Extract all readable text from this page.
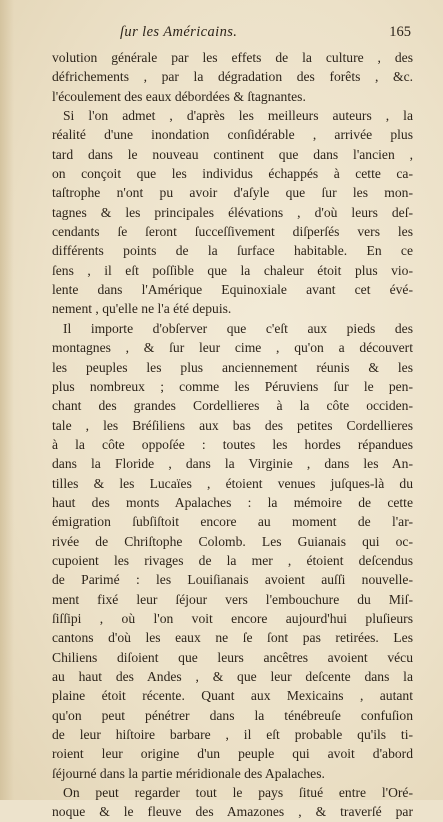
ſur les Américains.	165
volution générale par les effets de la culture , des
défrichements , par la dégradation des forêts , &c.
l'écoulement des eaux débordées & ſtagnantes.
Si l'on admet , d'après les meilleurs auteurs , la
réalité d'une inondation conſidérable , arrivée plus
tard dans le nouveau continent que dans l'ancien ,
on conçoit que les individus échappés à cette ca-
taſtrophe n'ont pu avoir d'aſyle que ſur les mon-
tagnes & les principales élévations , d'où leurs deſ-
cendants ſe ſeront ſucceſſivement diſperſés vers les
différents points de la ſurface habitable. En ce
ſens , il eſt poſſible que la chaleur étoit plus vio-
lente dans l'Amérique Equinoxiale avant cet évé-
nement , qu'elle ne l'a été depuis.
Il importe d'obſerver que c'eſt aux pieds des
montagnes , & ſur leur cime , qu'on a découvert
les peuples les plus anciennement réunis & les
plus nombreux ; comme les Péruviens ſur le pen-
chant des grandes Cordellieres à la côte occiden-
tale , les Bréſiliens aux bas des petites Cordellieres
à la côte oppoſée : toutes les hordes répandues
dans la Floride , dans la Virginie , dans les An-
tilles & les Lucaïes , étoient venues juſques-là du
haut des monts Apalaches : la mémoire de cette
émigration ſubſiſtoit encore au moment de l'ar-
rivée de Chriſtophe Colomb. Les Guianais qui oc-
cupoient les rivages de la mer , étoient deſcendus
de Parimé : les Louiſianais avoient auſſi nouvelle-
ment fixé leur ſéjour vers l'embouchure du Miſ-
ſiſſipi , où l'on voit encore aujourd'hui pluſieurs
cantons d'où les eaux ne ſe ſont pas retirées. Les
Chiliens diſoient que leurs ancêtres avoient vécu
au haut des Andes , & que leur deſcente dans la
plaine étoit récente. Quant aux Mexicains , autant
qu'on peut pénétrer dans la ténébreuſe confuſion
de leur hiſtoire barbare , il eſt probable qu'ils ti-
roient leur origine d'un peuple qui avoit d'abord
ſéjourné dans la partie méridionale des Apalaches.
On peut regarder tout le pays ſitué entre l'Oré-
noque & le fleuve des Amazones , & traverſé par
